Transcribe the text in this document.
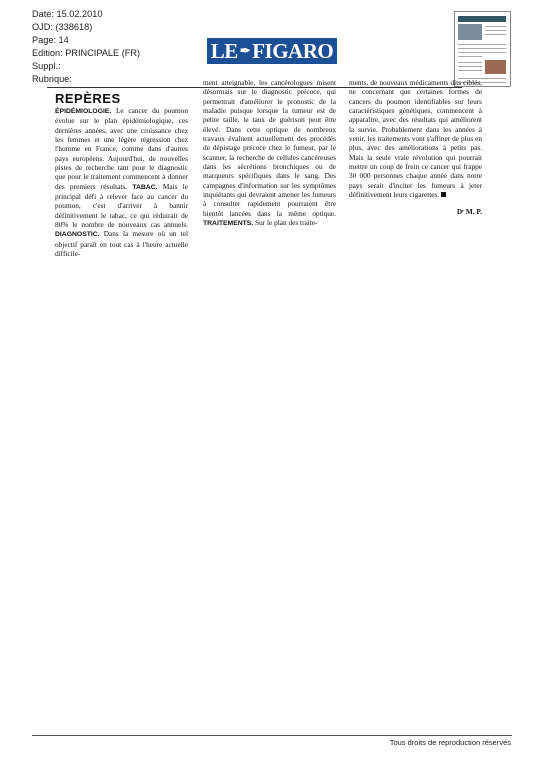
Date: 15.02.2010
OJD: (338618)
Page: 14
Edition: PRINCIPALE (FR)
Suppl.:
Rubrique:
LE ✒ FIGARO
REPÈRES

ÉPIDÉMIOLOGIE. Le cancer du poumon évolue sur le plan épidémiologique, ces dernières années, avec une croissance chez les femmes et une légère régression chez l'homme en France, comme dans d'autres pays européens. Aujourd'hui, de nouvelles pistes de recherche tant pour le diagnostic que pour le traitement commencent à donner des premiers résultats. TABAC. Mais le principal défi à relever face au cancer du poumon, c'est d'arriver à bannir définitivement le tabac, ce qui réduirait de 80% le nombre de nouveaux cas annuels. DIAGNOSTIC. Dans la mesure où un tel objectif paraît en tout cas à l'heure actuelle difficile-

ment atteignable, les cancérologues misent désormais sur le diagnostic précoce, qui permettrait d'améliorer le pronostic de la maladie puisque lorsque la tumeur est de petite taille, le taux de guérison peut être élevé. Dans cette optique de nombreux travaux évaluent actuellement des procédés de dépistage précoce chez le fumeur, par le scanner, la recherche de cellules cancéreuses dans les sécrétions bronchiques ou de marqueurs spécifiques dans le sang. Des campagnes d'information sur les symptômes inquiétants qui devraient amener les fumeurs à consulter rapidement pourraient être bientôt lancées dans la même optique. TRAITEMENTS. Sur le plan des traite-

ments, de nouveaux médicaments dits ciblés, ne concernant que certaines formes de cancers du poumon identifiables sur leurs caractéristiques génétiques, commencent à apparaître, avec des résultats qui améliorent la survie. Probablement dans les années à venir, les traitements vont s'affiner de plus en plus, avec des améliorations à petits pas. Mais la seule vraie révolution qui pourrait mettre un coup de frein ce cancer qui frappe 30 000 personnes chaque année dans notre pays serait d'inciter les fumeurs à jeter définitivement leurs cigarettes.

Dʳ M. P.
Tous droits de reproduction réservés
